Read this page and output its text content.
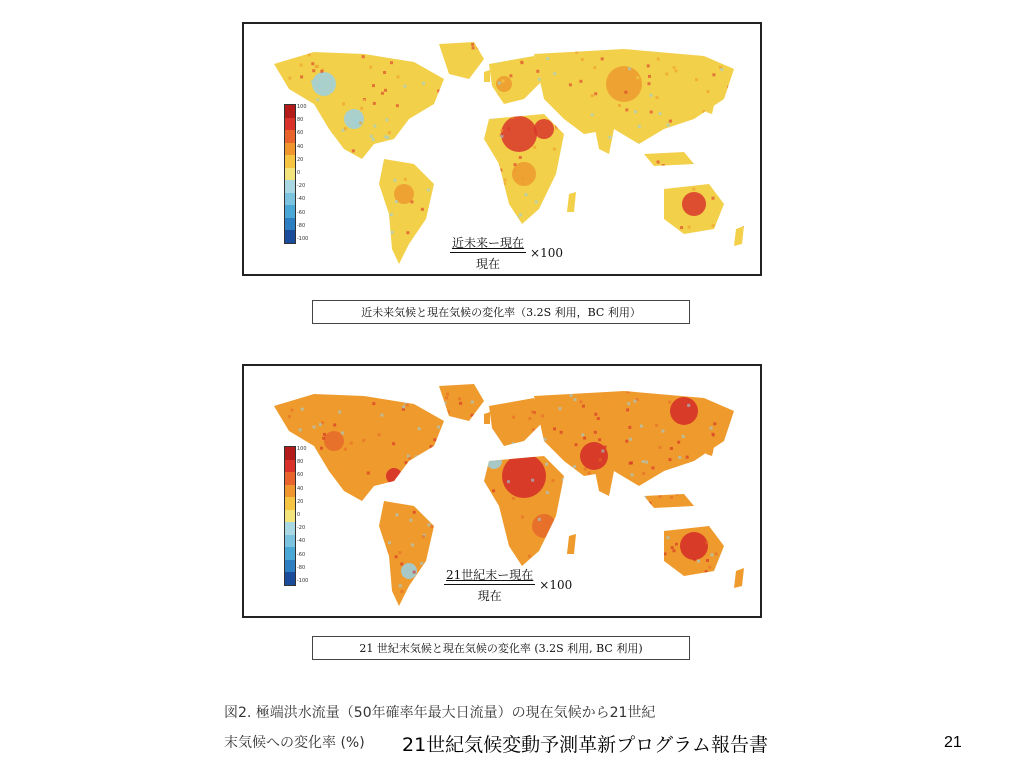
100
80
60
40
20
0
-20
-40
-60
-80
-100	$\frac{\text{近未来ー現在}}{\text{現在}} \times 100$
近未来気候と現在気候の変化率（3.2S 利用，BC 利用）
100
80
60
40
20
0
-20
-40
-60
-80
-100	$\frac{\text{21世紀末ー現在}}{\text{現在}} \times 100$
21 世紀末気候と現在気候の変化率 (3.2S 利用, BC 利用)
図2. 極端洪水流量（50年確率年最大日流量）の現在気候から21世紀
末気候への変化率 (%)	21世紀気候変動予測革新プログラム報告書	21
